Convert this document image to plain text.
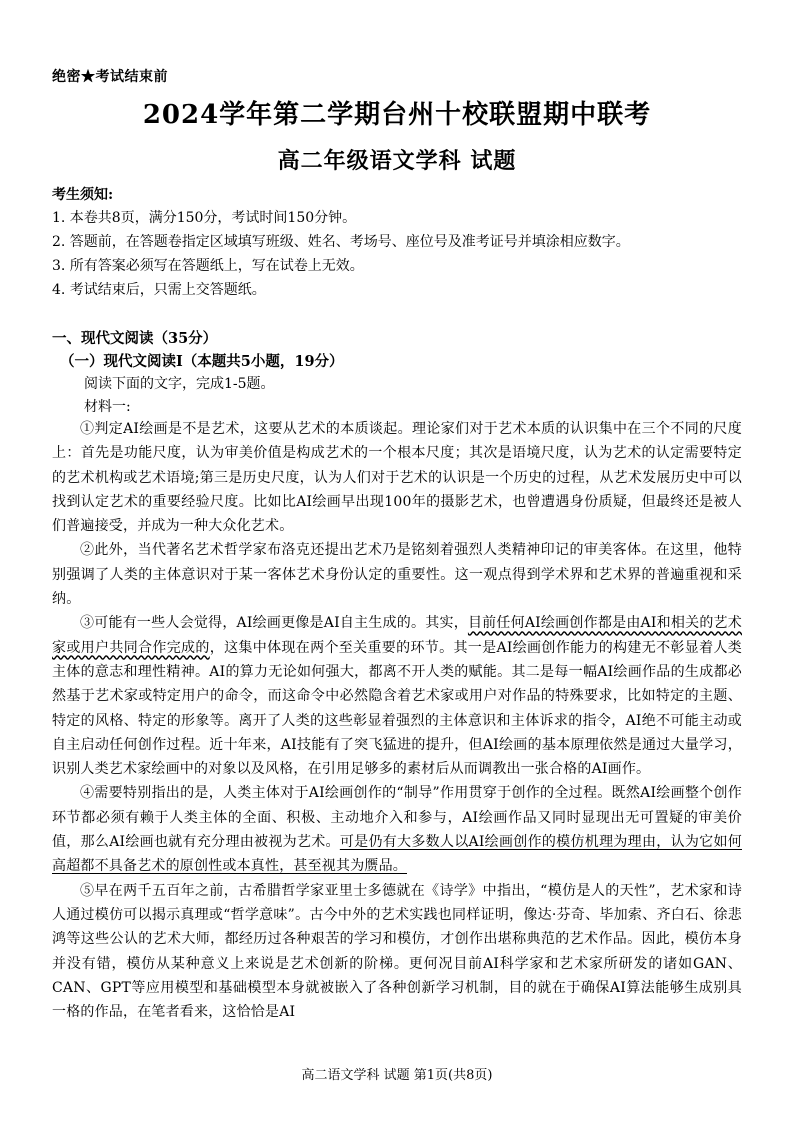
绝密★考试结束前
2024学年第二学期台州十校联盟期中联考
高二年级语文学科 试题
考生须知:
1. 本卷共8页，满分150分，考试时间150分钟。
2. 答题前，在答题卷指定区域填写班级、姓名、考场号、座位号及准考证号并填涂相应数字。
3. 所有答案必须写在答题纸上，写在试卷上无效。
4. 考试结束后，只需上交答题纸。
一、现代文阅读（35分）
（一）现代文阅读Ⅰ（本题共5小题，19分）
阅读下面的文字，完成1-5题。
材料一:

①判定AI绘画是不是艺术，这要从艺术的本质谈起。理论家们对于艺术本质的认识集中在三个不同的尺度上：首先是功能尺度，认为审美价值是构成艺术的一个根本尺度；其次是语境尺度，认为艺术的认定需要特定的艺术机构或艺术语境;第三是历史尺度，认为人们对于艺术的认识是一个历史的过程，从艺术发展历史中可以找到认定艺术的重要经验尺度。比如比AI绘画早出现100年的摄影艺术，也曾遭遇身份质疑，但最终还是被人们普遍接受，并成为一种大众化艺术。

②此外，当代著名艺术哲学家布洛克还提出艺术乃是铭刻着强烈人类精神印记的审美客体。在这里，他特别强调了人类的主体意识对于某一客体艺术身份认定的重要性。这一观点得到学术界和艺术界的普遍重视和采纳。

③可能有一些人会觉得，AI绘画更像是AI自主生成的。其实，目前任何AI绘画创作都是由AI和相关的艺术家或用户共同合作完成的，这集中体现在两个至关重要的环节。其一是AI绘画创作能力的构建无不彰显着人类主体的意志和理性精神。AI的算力无论如何强大，都离不开人类的赋能。其二是每一幅AI绘画作品的生成都必然基于艺术家或特定用户的命令，而这命令中必然隐含着艺术家或用户对作品的特殊要求，比如特定的主题、特定的风格、特定的形象等。离开了人类的这些彰显着强烈的主体意识和主体诉求的指令，AI绝不可能主动或自主启动任何创作过程。近十年来，AI技能有了突飞猛进的提升，但AI绘画的基本原理依然是通过大量学习，识别人类艺术家绘画中的对象以及风格，在引用足够多的素材后从而调教出一张合格的AI画作。

④需要特别指出的是，人类主体对于AI绘画创作的“制导”作用贯穿于创作的全过程。既然AI绘画整个创作环节都必须有赖于人类主体的全面、积极、主动地介入和参与，AI绘画作品又同时显现出无可置疑的审美价值，那么AI绘画也就有充分理由被视为艺术。可是仍有大多数人以AI绘画创作的模仿机理为理由，认为它如何高超都不具备艺术的原创性或本真性，甚至视其为赝品。

⑤早在两千五百年之前，古希腊哲学家亚里士多德就在《诗学》中指出，“模仿是人的天性”，艺术家和诗人通过模仿可以揭示真理或“哲学意味”。古今中外的艺术实践也同样证明，像达·芬奇、毕加索、齐白石、徐悲鸿等这些公认的艺术大师，都经历过各种艰苦的学习和模仿，才创作出堪称典范的艺术作品。因此，模仿本身并没有错，模仿从某种意义上来说是艺术创新的阶梯。更何况目前AI科学家和艺术家所研发的诸如GAN、CAN、GPT等应用模型和基础模型本身就被嵌入了各种创新学习机制，目的就在于确保AI算法能够生成别具一格的作品，在笔者看来，这恰恰是AI

高二语文学科 试题 第1页(共8页)
